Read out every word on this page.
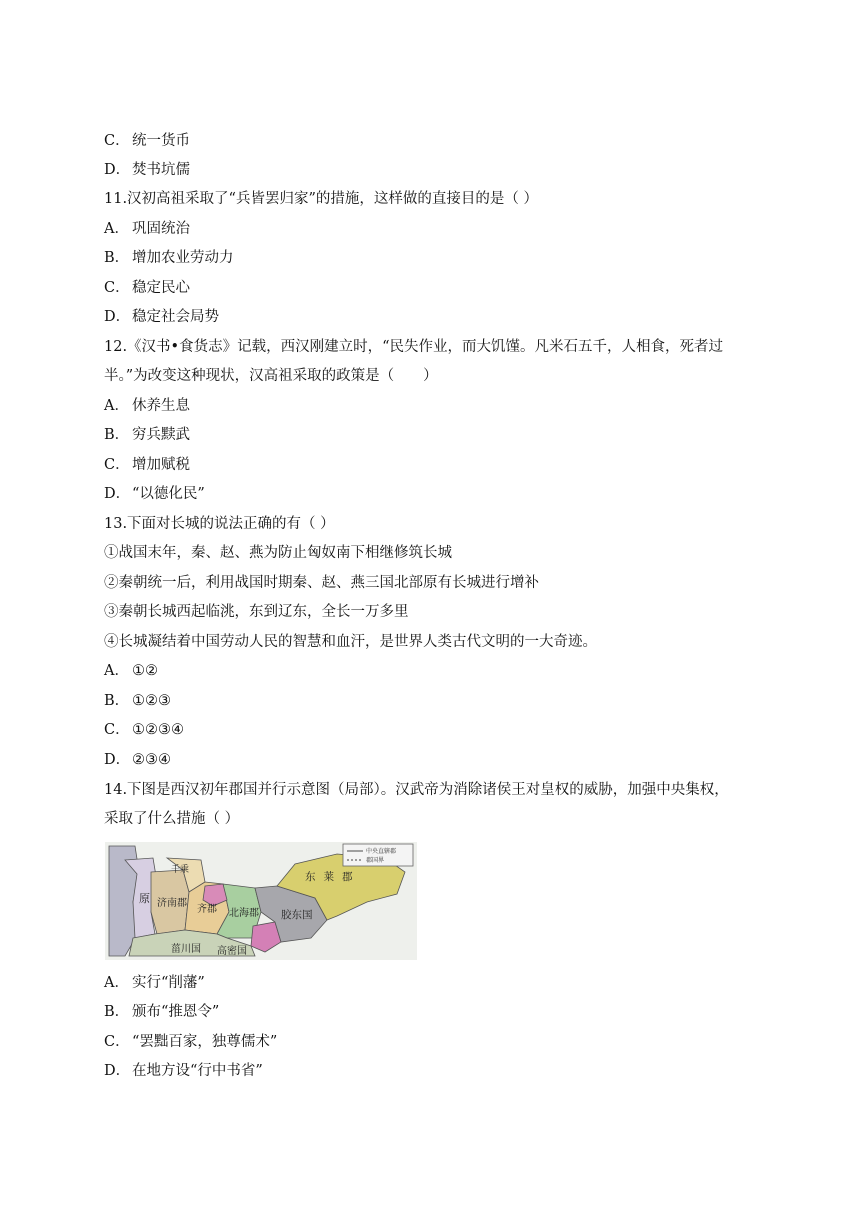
C． 统一货币
D． 焚书坑儒
11.汉初高祖采取了“兵皆罢归家”的措施，这样做的直接目的是（ ）
A． 巩固统治
B． 增加农业劳动力
C． 稳定民心
D． 稳定社会局势
12.《汉书•食货志》记载，西汉刚建立时，“民失作业，而大饥馑。凡米石五千，人相食，死者过
半。”为改变这种现状，汉高祖采取的政策是（　　）
A． 休养生息
B． 穷兵黩武
C． 增加赋税
D． “以德化民”
13.下面对长城的说法正确的有（ ）
①战国末年，秦、赵、燕为防止匈奴南下相继修筑长城
②秦朝统一后，利用战国时期秦、赵、燕三国北部原有长城进行增补
③秦朝长城西起临洮，东到辽东，全长一万多里
④长城凝结着中国劳动人民的智慧和血汗，是世界人类古代文明的一大奇迹。
A． ①②
B． ①②③
C． ①②③④
D． ②③④
14.下图是西汉初年郡国并行示意图（局部）。汉武帝为消除诸侯王对皇权的威胁，加强中央集权，
采取了什么措施（ ）
中央直辖郡
郡国界
原
千乘
济南郡
齐郡 北海郡 胶东国
东莱郡
菑川国 高密国
A． 实行“削藩”
B． 颁布“推恩令”
C． “罢黜百家，独尊儒术”
D． 在地方设“行中书省”
